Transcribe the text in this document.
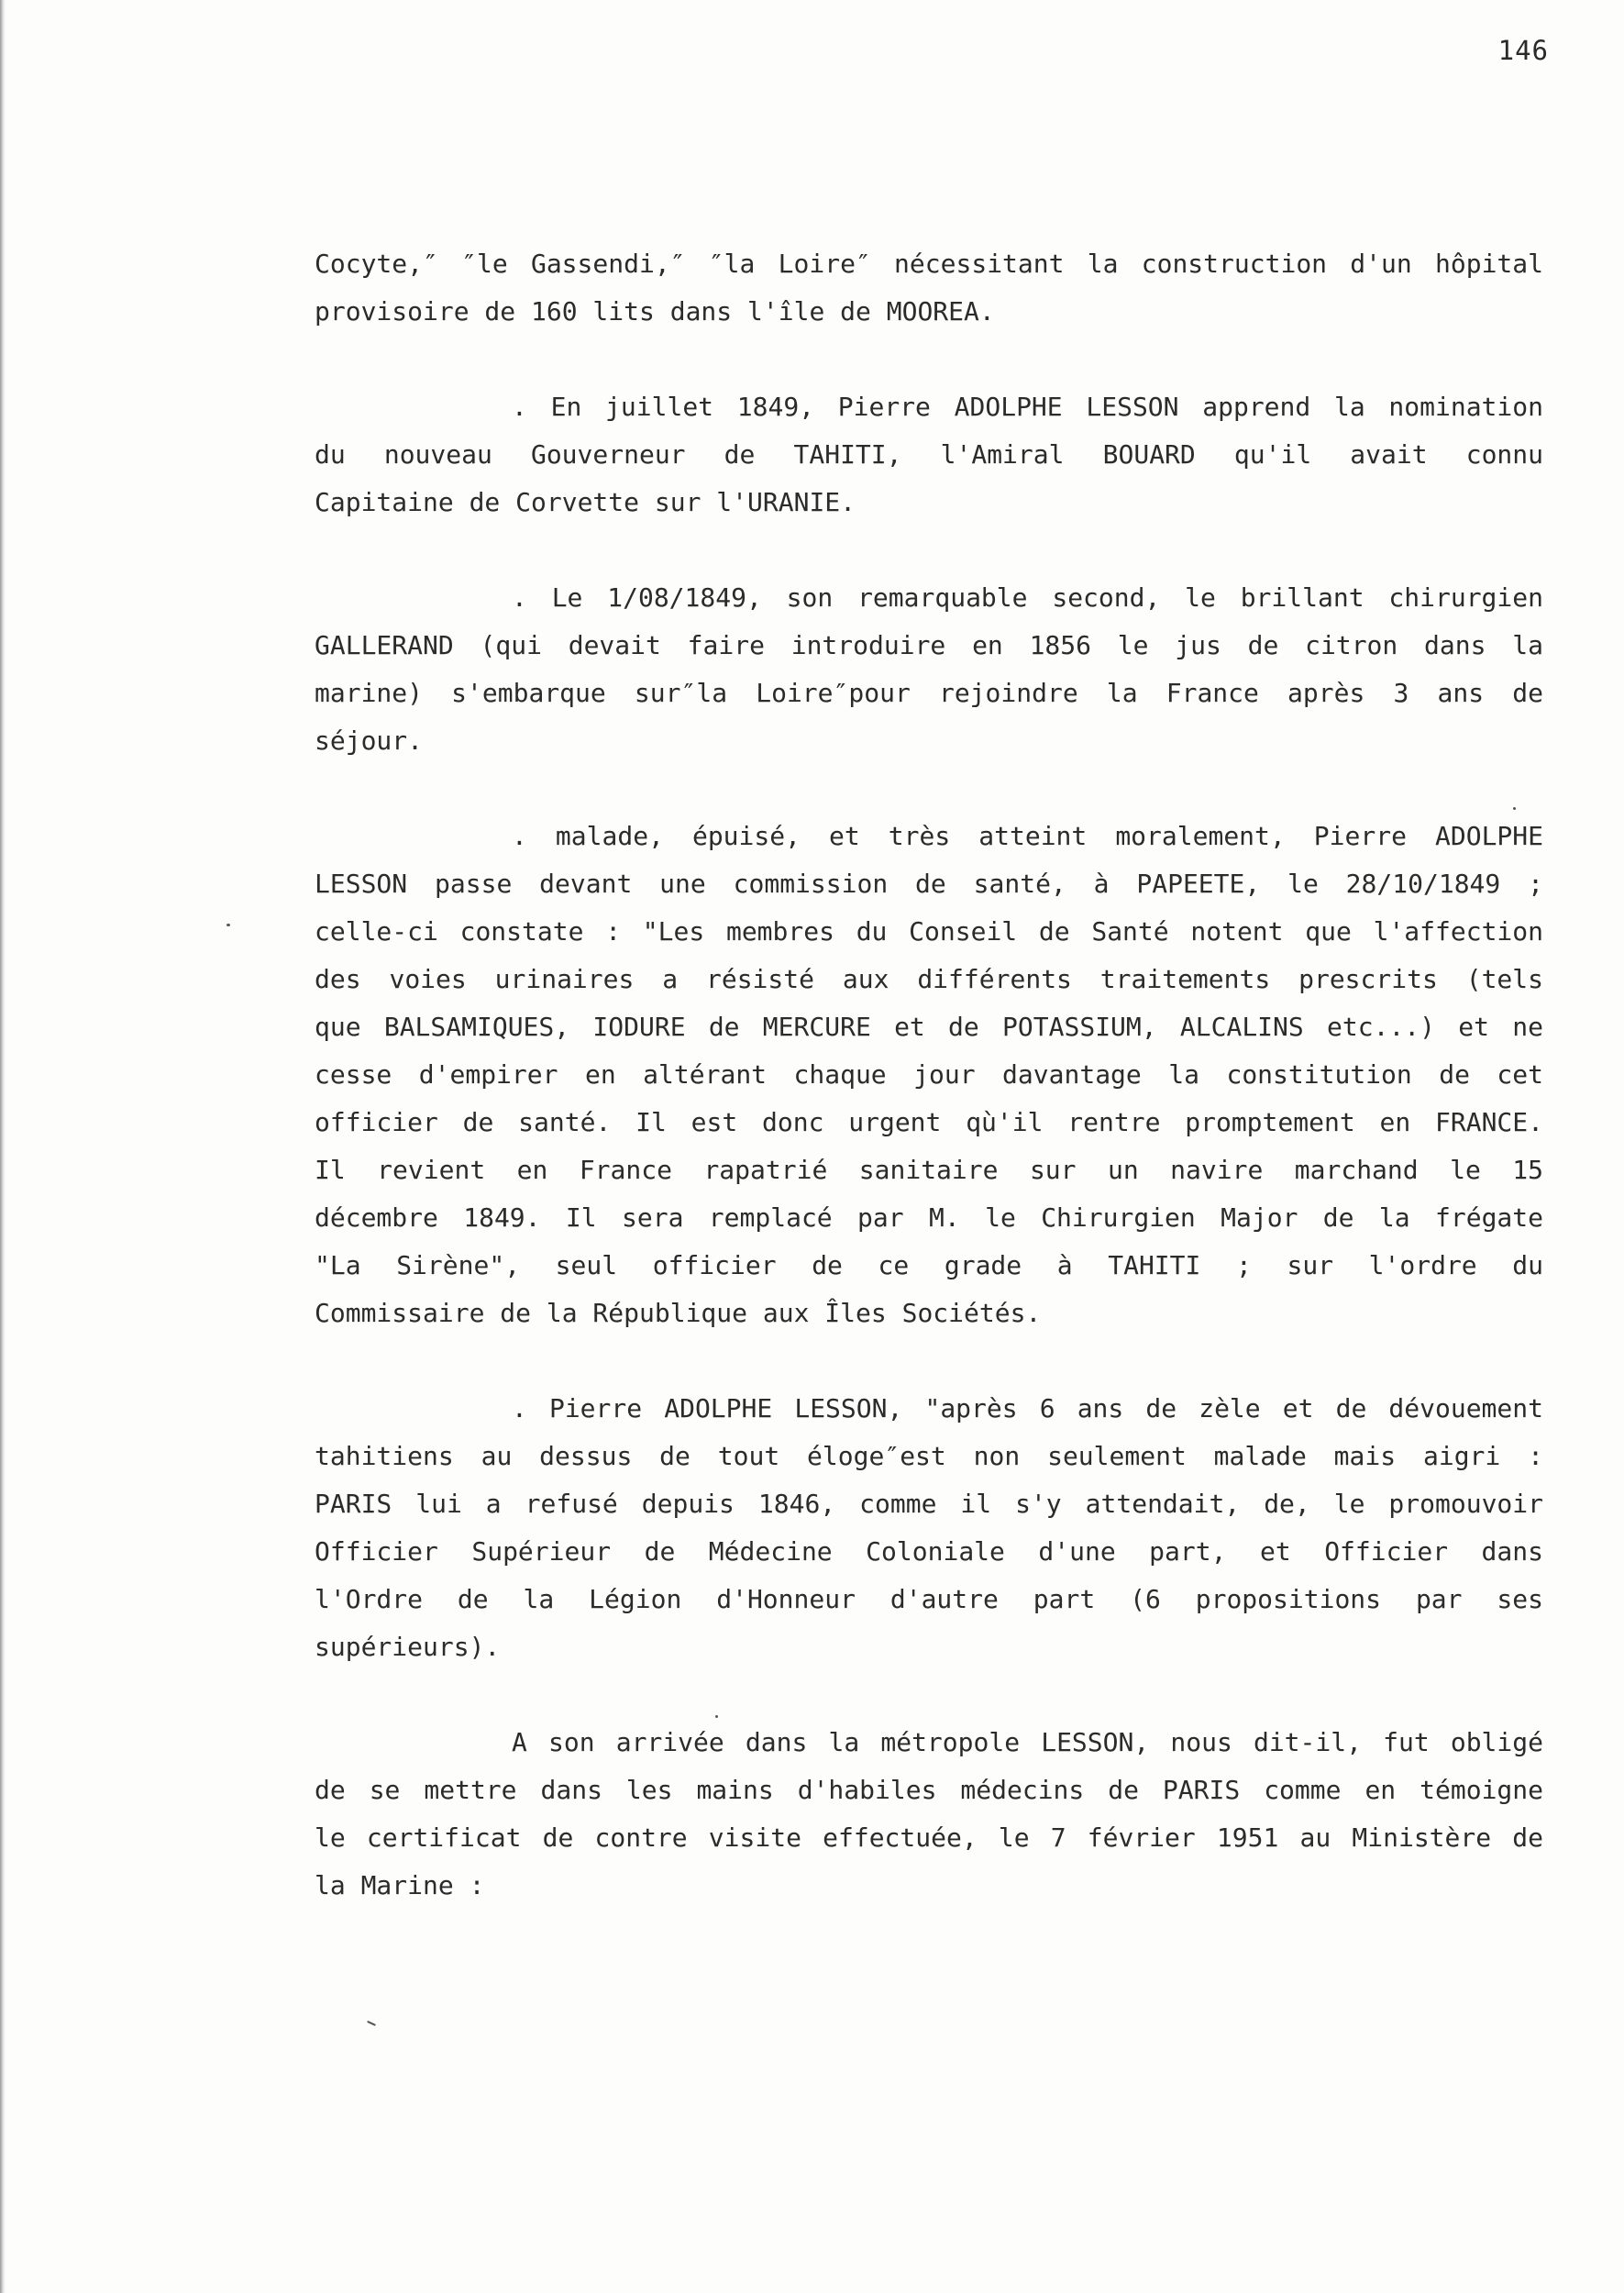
146

Cocyte,″ ″le Gassendi,″ ″la Loire″ nécessitant la construction d'un hôpital
provisoire de 160 lits dans l'île de MOOREA.

. En juillet 1849, Pierre ADOLPHE LESSON apprend la nomination
du nouveau Gouverneur de TAHITI, l'Amiral BOUARD qu'il avait connu
Capitaine de Corvette sur l'URANIE.

. Le 1/08/1849, son remarquable second, le brillant chirurgien
GALLERAND (qui devait faire introduire en 1856 le jus de citron dans la
marine) s'embarque sur″la Loire″pour rejoindre la France après 3 ans de
séjour.

. malade, épuisé, et très atteint moralement, Pierre ADOLPHE
LESSON passe devant une commission de santé, à PAPEETE, le 28/10/1849 ;
celle-ci constate : "Les membres du Conseil de Santé notent que l'affection
des voies urinaires a résisté aux différents traitements prescrits (tels
que BALSAMIQUES, IODURE de MERCURE et de POTASSIUM, ALCALINS etc...) et ne
cesse d'empirer en altérant chaque jour davantage la constitution de cet
officier de santé. Il est donc urgent qù'il rentre promptement en FRANCE.
Il revient en France rapatrié sanitaire sur un navire marchand le 15
décembre 1849. Il sera remplacé par M. le Chirurgien Major de la frégate
"La Sirène", seul officier de ce grade à TAHITI ; sur l'ordre du
Commissaire de la République aux Îles Sociétés.

. Pierre ADOLPHE LESSON, "après 6 ans de zèle et de dévouement
tahitiens au dessus de tout éloge″est non seulement malade mais aigri :
PARIS lui a refusé depuis 1846, comme il s'y attendait, de, le promouvoir
Officier Supérieur de Médecine Coloniale d'une part, et Officier dans
l'Ordre de la Légion d'Honneur d'autre part (6 propositions par ses
supérieurs).

A son arrivée dans la métropole LESSON, nous dit-il, fut obligé
de se mettre dans les mains d'habiles médecins de PARIS comme en témoigne
le certificat de contre visite effectuée, le 7 février 1951 au Ministère de
la Marine :
